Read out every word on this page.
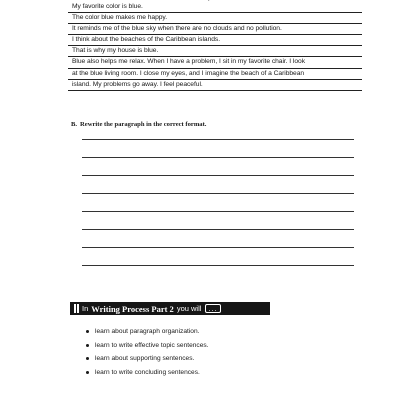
My favorite color is blue.
The color blue makes me happy.
It reminds me of the blue sky when there are no clouds and no pollution.
I think about the beaches of the Caribbean islands.
That is why my house is blue.
Blue also helps me relax. When I have a problem, I sit in my favorite chair. I look
at the blue living room. I close my eyes, and I imagine the beach of a Caribbean
island. My problems go away. I feel peaceful.
B. Rewrite the paragraph in the correct format.
In Writing Process Part 2 you will ...
learn about paragraph organization.
learn to write effective topic sentences.
learn about supporting sentences.
learn to write concluding sentences.
